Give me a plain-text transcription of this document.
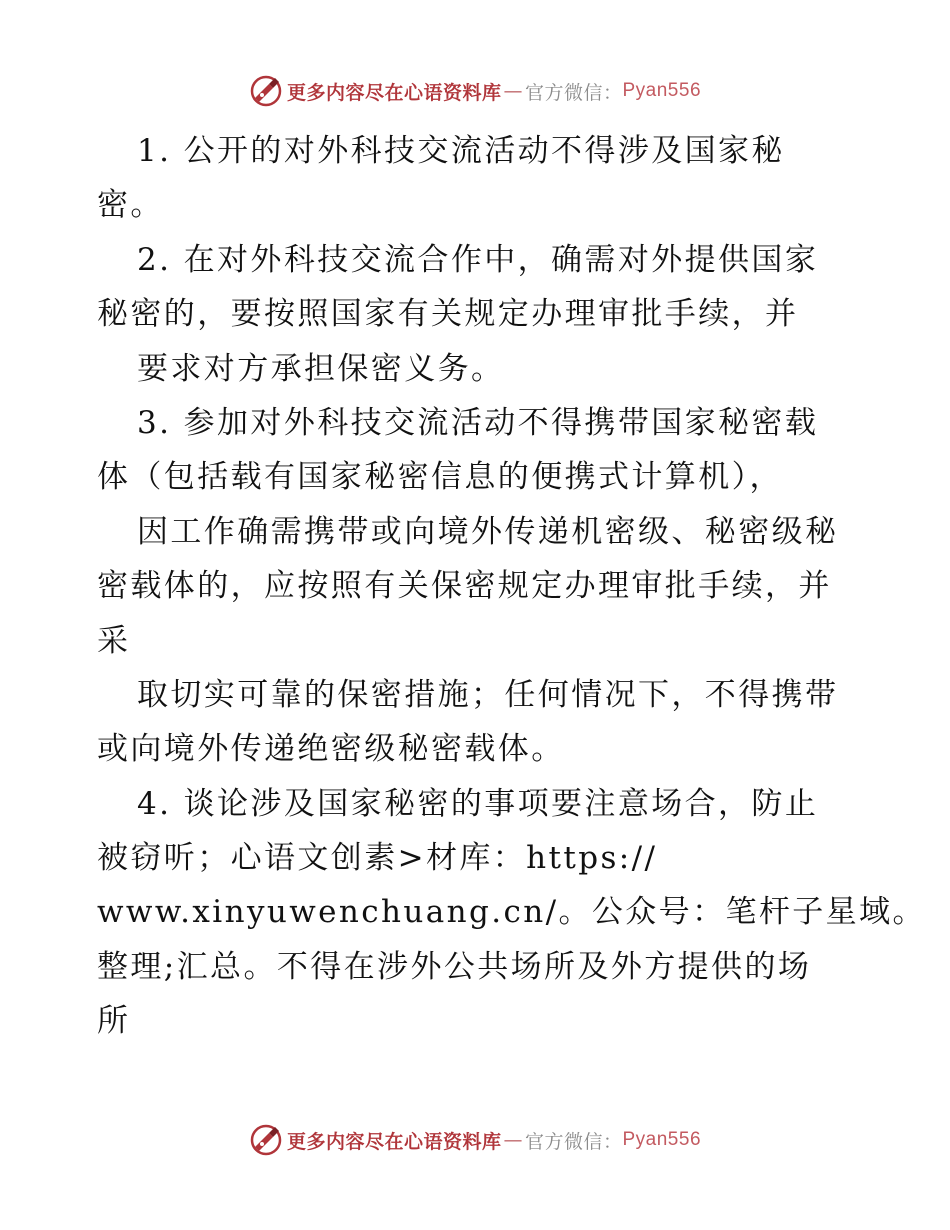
更多内容尽在心语资料库 — 官方微信： Pyan556
1. 公开的对外科技交流活动不得涉及国家秘
密。
2. 在对外科技交流合作中，确需对外提供国家
秘密的，要按照国家有关规定办理审批手续，并
要求对方承担保密义务。
3. 参加对外科技交流活动不得携带国家秘密载
体（包括载有国家秘密信息的便携式计算机），
因工作确需携带或向境外传递机密级、秘密级秘
密载体的，应按照有关保密规定办理审批手续，并
采
取切实可靠的保密措施；任何情况下，不得携带
或向境外传递绝密级秘密载体。
4. 谈论涉及国家秘密的事项要注意场合，防止
被窃听；心语文创素>材库：https://
www.xinyuwenchuang.cn/。公众号：笔杆子星域。
整理;汇总。不得在涉外公共场所及外方提供的场
所
更多内容尽在心语资料库 — 官方微信： Pyan556
